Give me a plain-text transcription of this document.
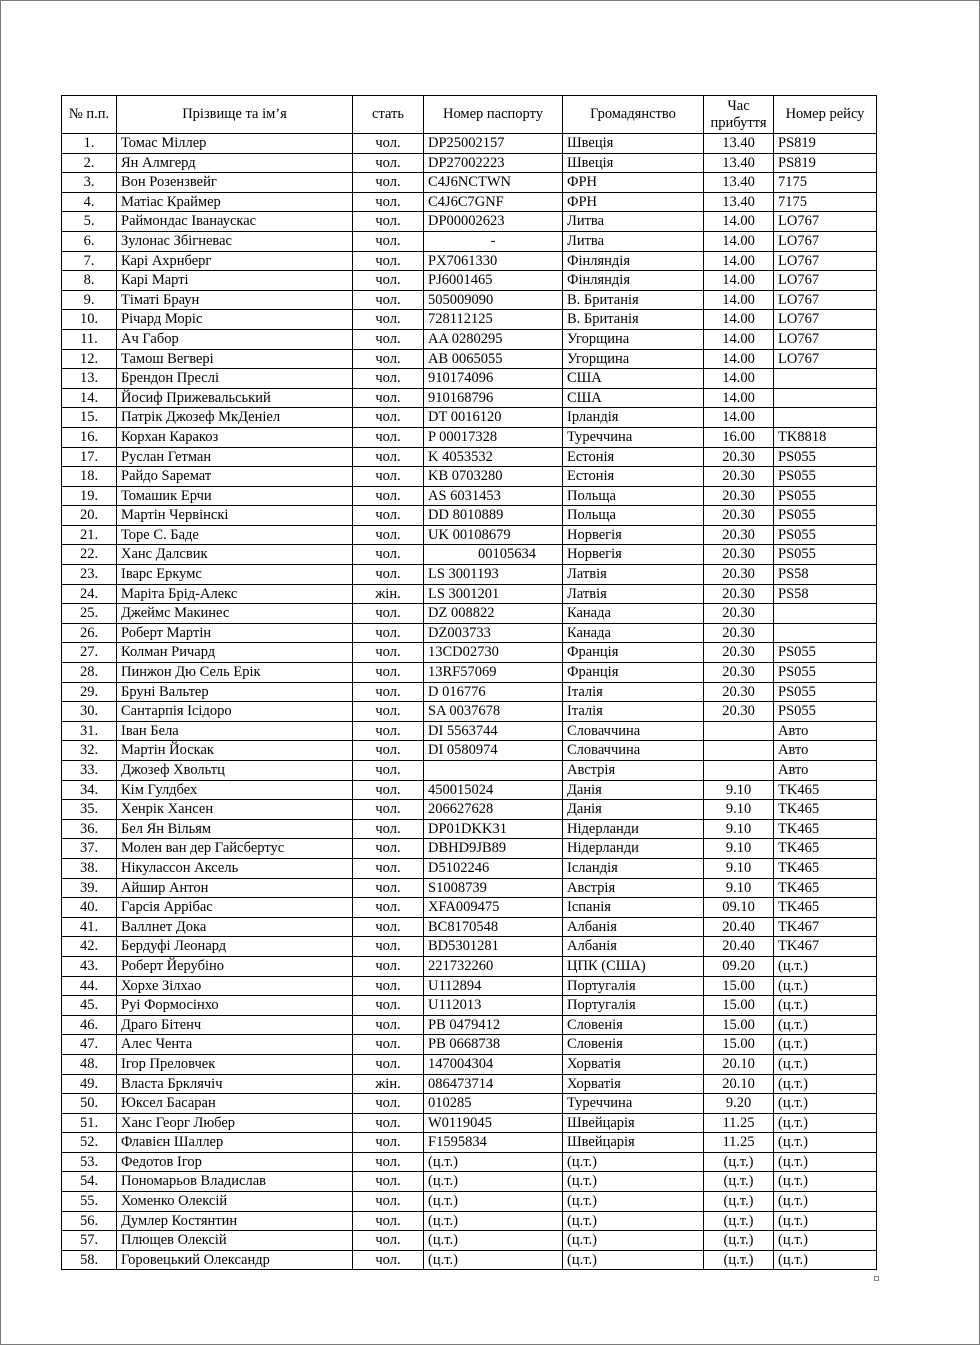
№ п.п.	Прізвище та ім’я	стать	Номер паспорту	Громадянство	Час прибуття	Номер рейсу
1.	Томас Міллер	чол.	DP25002157	Швеція	13.40	PS819
2.	Ян Алмгерд	чол.	DP27002223	Швеція	13.40	PS819
3.	Вон Розензвейг	чол.	C4J6NCTWN	ФРН	13.40	7175
4.	Матіас Краймер	чол.	C4J6C7GNF	ФРН	13.40	7175
5.	Раймондас Іванаускас	чол.	DP00002623	Литва	14.00	LO767
6.	Зулонас Збігневас	чол.	-	Литва	14.00	LO767
7.	Карі Ахрнберг	чол.	PX7061330	Фінляндія	14.00	LO767
8.	Карі Марті	чол.	PJ6001465	Фінляндія	14.00	LO767
9.	Тіматі Браун	чол.	505009090	В. Британія	14.00	LO767
10.	Річард Моріс	чол.	728112125	В. Британія	14.00	LO767
11.	Ач Габор	чол.	AA 0280295	Угорщина	14.00	LO767
12.	Тамош Вегвері	чол.	AB 0065055	Угорщина	14.00	LO767
13.	Брендон Преслі	чол.	910174096	США	14.00	
14.	Йосиф Прижевальський	чол.	910168796	США	14.00	
15.	Патрік Джозеф МкДеніел	чол.	DT 0016120	Ірландія	14.00	
16.	Корхан Каракоз	чол.	P 00017328	Туреччина	16.00	TK8818
17.	Руслан Гетман	чол.	K 4053532	Естонія	20.30	PS055
18.	Райдо Saремат	чол.	KB 0703280	Естонія	20.30	PS055
19.	Томашик Ерчи	чол.	AS 6031453	Польща	20.30	PS055
20.	Мартін Червінскі	чол.	DD 8010889	Польща	20.30	PS055
21.	Торе С. Баде	чол.	UK 00108679	Норвегія	20.30	PS055
22.	Ханс Далсвик	чол.	00105634	Норвегія	20.30	PS055
23.	Іварс Еркумс	чол.	LS 3001193	Латвія	20.30	PS58
24.	Маріта Брід-Алекс	жін.	LS 3001201	Латвія	20.30	PS58
25.	Джеймс Макинес	чол.	DZ 008822	Канада	20.30	
26.	Роберт Мартін	чол.	DZ003733	Канада	20.30	
27.	Колман Ричард	чол.	13CD02730	Франція	20.30	PS055
28.	Пинжон Дю Сель Ерік	чол.	13RF57069	Франція	20.30	PS055
29.	Бруні Вальтер	чол.	D 016776	Італія	20.30	PS055
30.	Сантарпія Ісідоро	чол.	SA 0037678	Італія	20.30	PS055
31.	Іван Бела	чол.	DI 5563744	Словаччина		Авто
32.	Мартін Йоскак	чол.	DI 0580974	Словаччина		Авто
33.	Джозеф Хвольтц	чол.		Австрія		Авто
34.	Кім Гулдбех	чол.	450015024	Данія	9.10	TK465
35.	Хенрік Хансен	чол.	206627628	Данія	9.10	TK465
36.	Бел Ян Вільям	чол.	DP01DKK31	Нідерланди	9.10	TK465
37.	Молен ван дер Гайсбертус	чол.	DBHD9JB89	Нідерланди	9.10	TK465
38.	Нікулассон Аксель	чол.	D5102246	Ісландія	9.10	TK465
39.	Айшир Антон	чол.	S1008739	Австрія	9.10	TK465
40.	Гарсія Аррібас	чол.	XFA009475	Іспанія	09.10	TK465
41.	Валлнет Дока	чол.	BC8170548	Албанія	20.40	TK467
42.	Бердуфі Леонард	чол.	BD5301281	Албанія	20.40	TK467
43.	Роберт Йерубіно	чол.	221732260	ЦПК (США)	09.20	(ц.т.)
44.	Хорхе Зілхао	чол.	U112894	Португалія	15.00	(ц.т.)
45.	Руі Формосінхо	чол.	U112013	Португалія	15.00	(ц.т.)
46.	Драго Бітенч	чол.	PB 0479412	Словенія	15.00	(ц.т.)
47.	Алес Чента	чол.	PB 0668738	Словенія	15.00	(ц.т.)
48.	Ігор Преловчек	чол.	147004304	Хорватія	20.10	(ц.т.)
49.	Власта Брклячіч	жін.	086473714	Хорватія	20.10	(ц.т.)
50.	Юксел Басаран	чол.	010285	Туреччина	9.20	(ц.т.)
51.	Ханс Георг Любер	чол.	W0119045	Швейцарія	11.25	(ц.т.)
52.	Флавієн Шаллер	чол.	F1595834	Швейцарія	11.25	(ц.т.)
53.	Федотов Ігор	чол.	(ц.т.)	(ц.т.)	(ц.т.)	(ц.т.)
54.	Пономарьов Владислав	чол.	(ц.т.)	(ц.т.)	(ц.т.)	(ц.т.)
55.	Хоменко Олексій	чол.	(ц.т.)	(ц.т.)	(ц.т.)	(ц.т.)
56.	Думлер Костянтин	чол.	(ц.т.)	(ц.т.)	(ц.т.)	(ц.т.)
57.	Плющев Олексій	чол.	(ц.т.)	(ц.т.)	(ц.т.)	(ц.т.)
58.	Горовецький Олександр	чол.	(ц.т.)	(ц.т.)	(ц.т.)	(ц.т.)
